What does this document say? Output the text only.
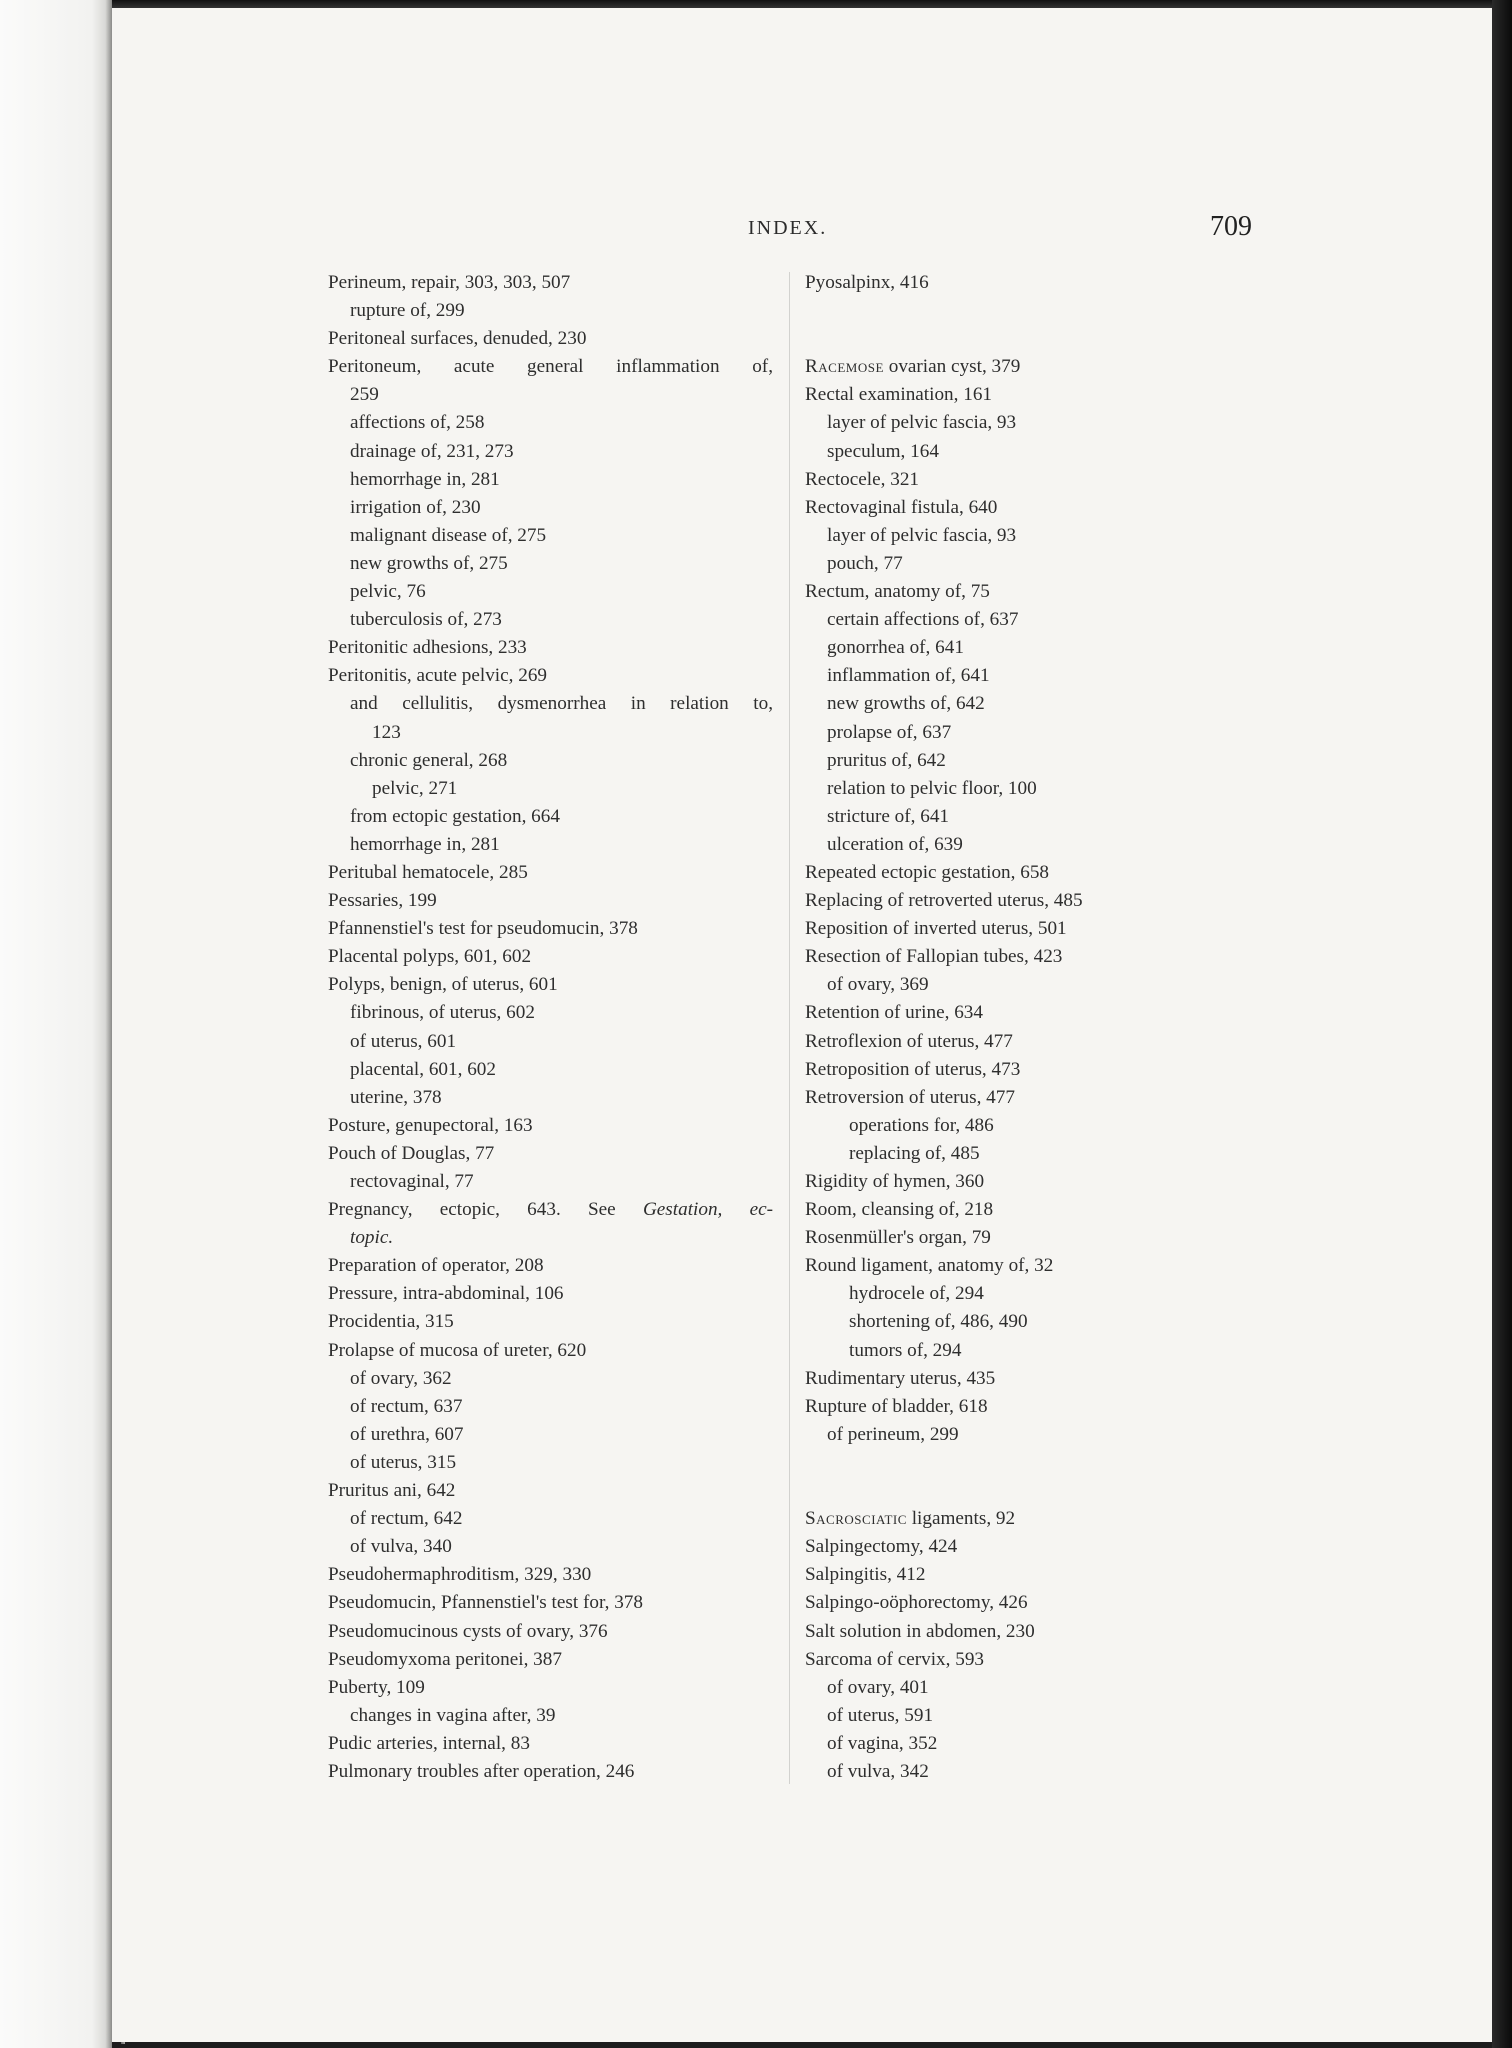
INDEX.	709
Perineum, repair, 303, 303, 507
rupture of, 299
Peritoneal surfaces, denuded, 230
Peritoneum, acute general inflammation of,
259
affections of, 258
drainage of, 231, 273
hemorrhage in, 281
irrigation of, 230
malignant disease of, 275
new growths of, 275
pelvic, 76
tuberculosis of, 273
Peritonitic adhesions, 233
Peritonitis, acute pelvic, 269
and cellulitis, dysmenorrhea in relation to,
123
chronic general, 268
pelvic, 271
from ectopic gestation, 664
hemorrhage in, 281
Peritubal hematocele, 285
Pessaries, 199
Pfannenstiel's test for pseudomucin, 378
Placental polyps, 601, 602
Polyps, benign, of uterus, 601
fibrinous, of uterus, 602
of uterus, 601
placental, 601, 602
uterine, 378
Posture, genupectoral, 163
Pouch of Douglas, 77
rectovaginal, 77
Pregnancy, ectopic, 643. See Gestation, ec-
topic.
Preparation of operator, 208
Pressure, intra-abdominal, 106
Procidentia, 315
Prolapse of mucosa of ureter, 620
of ovary, 362
of rectum, 637
of urethra, 607
of uterus, 315
Pruritus ani, 642
of rectum, 642
of vulva, 340
Pseudohermaphroditism, 329, 330
Pseudomucin, Pfannenstiel's test for, 378
Pseudomucinous cysts of ovary, 376
Pseudomyxoma peritonei, 387
Puberty, 109
changes in vagina after, 39
Pudic arteries, internal, 83
Pulmonary troubles after operation, 246
Pyosalpinx, 416
Racemose ovarian cyst, 379
Rectal examination, 161
layer of pelvic fascia, 93
speculum, 164
Rectocele, 321
Rectovaginal fistula, 640
layer of pelvic fascia, 93
pouch, 77
Rectum, anatomy of, 75
certain affections of, 637
gonorrhea of, 641
inflammation of, 641
new growths of, 642
prolapse of, 637
pruritus of, 642
relation to pelvic floor, 100
stricture of, 641
ulceration of, 639
Repeated ectopic gestation, 658
Replacing of retroverted uterus, 485
Reposition of inverted uterus, 501
Resection of Fallopian tubes, 423
of ovary, 369
Retention of urine, 634
Retroflexion of uterus, 477
Retroposition of uterus, 473
Retroversion of uterus, 477
operations for, 486
replacing of, 485
Rigidity of hymen, 360
Room, cleansing of, 218
Rosenmüller's organ, 79
Round ligament, anatomy of, 32
hydrocele of, 294
shortening of, 486, 490
tumors of, 294
Rudimentary uterus, 435
Rupture of bladder, 618
of perineum, 299
Sacrosciatic ligaments, 92
Salpingectomy, 424
Salpingitis, 412
Salpingo-oöphorectomy, 426
Salt solution in abdomen, 230
Sarcoma of cervix, 593
of ovary, 401
of uterus, 591
of vagina, 352
of vulva, 342
